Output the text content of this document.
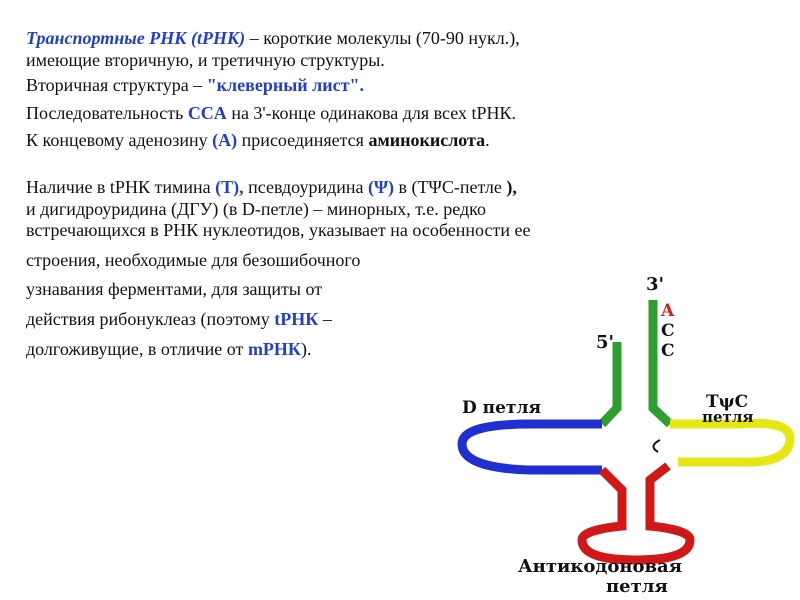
Транспортные РНК (tРНК) – короткие молекулы (70-90 нукл.),
имеющие вторичную, и третичную структуры.
Вторичная структура – "клеверный лист".
Последовательность CCA на 3'-конце одинакова для всех tРНК.
К концевому аденозину (А) присоединяется аминокислота.
Наличие в tРНК тимина (T), псевдоуридина (Ψ) в (ТΨС-петле ),
и дигидроуридина (ДГУ) (в D-петле) – минорных, т.е. редко
встречающихся в РНК нуклеотидов, указывает на особенности ее
строения, необходимые для безошибочного
узнавания ферментами, для защиты от
действия рибонуклеаз (поэтому tРНК –
долгоживущие, в отличие от mРНК).
3'
A
C
C
5'
D петля	TψC
петля
Антикодоновая
петля
